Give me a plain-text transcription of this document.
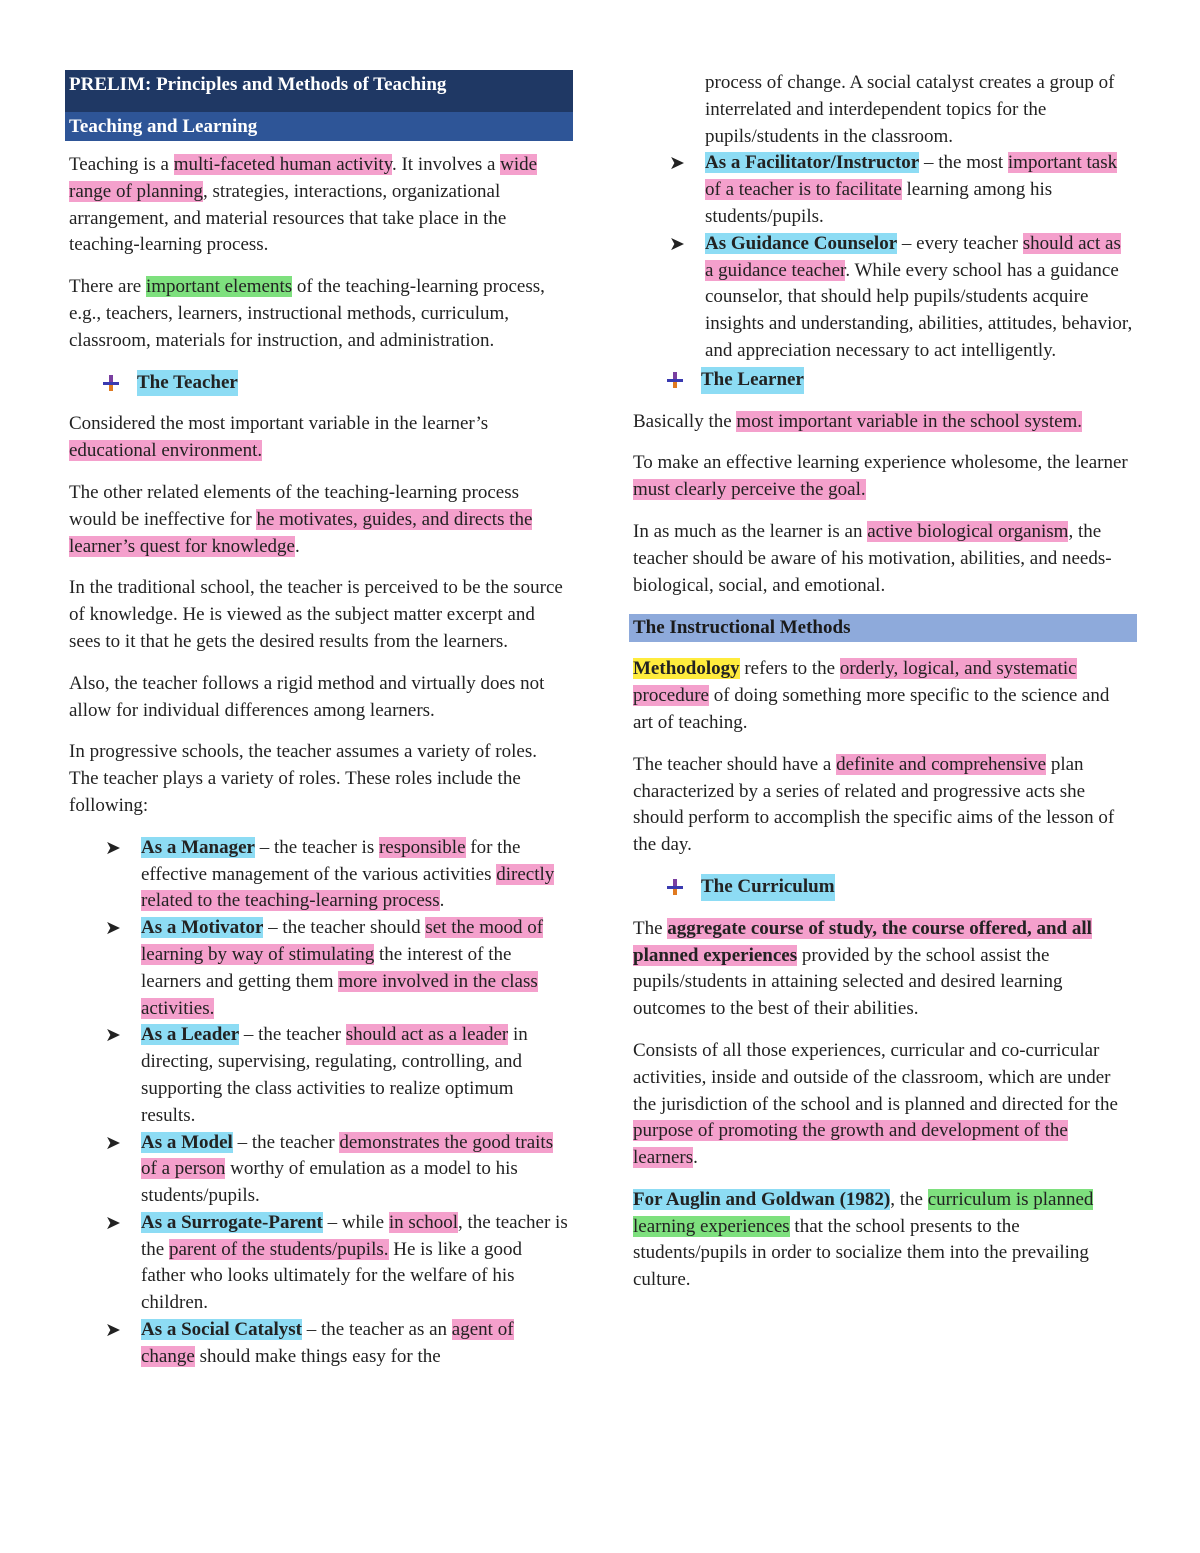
PRELIM: Principles and Methods of Teaching
Teaching and Learning

Teaching is a multi-faceted human activity. It involves a wide range of planning, strategies, interactions, organizational arrangement, and material resources that take place in the teaching-learning process.

There are important elements of the teaching-learning process, e.g., teachers, learners, instructional methods, curriculum, classroom, materials for instruction, and administration.

The Teacher

Considered the most important variable in the learner’s educational environment.

The other related elements of the teaching-learning process would be ineffective for he motivates, guides, and directs the learner’s quest for knowledge.

In the traditional school, the teacher is perceived to be the source of knowledge. He is viewed as the subject matter excerpt and sees to it that he gets the desired results from the learners.

Also, the teacher follows a rigid method and virtually does not allow for individual differences among learners.

In progressive schools, the teacher assumes a variety of roles. The teacher plays a variety of roles. These roles include the following:

➤ As a Manager – the teacher is responsible for the effective management of the various activities directly related to the teaching-learning process.
➤ As a Motivator – the teacher should set the mood of learning by way of stimulating the interest of the learners and getting them more involved in the class activities.
➤ As a Leader – the teacher should act as a leader in directing, supervising, regulating, controlling, and supporting the class activities to realize optimum results.
➤ As a Model – the teacher demonstrates the good traits of a person worthy of emulation as a model to his students/pupils.
➤ As a Surrogate-Parent – while in school, the teacher is the parent of the students/pupils. He is like a good father who looks ultimately for the welfare of his children.
➤ As a Social Catalyst – the teacher as an agent of change should make things easy for the
process of change. A social catalyst creates a group of interrelated and interdependent topics for the pupils/students in the classroom.
➤ As a Facilitator/Instructor – the most important task of a teacher is to facilitate learning among his students/pupils.
➤ As Guidance Counselor – every teacher should act as a guidance teacher. While every school has a guidance counselor, that should help pupils/students acquire insights and understanding, abilities, attitudes, behavior, and appreciation necessary to act intelligently.
The Learner

Basically the most important variable in the school system.

To make an effective learning experience wholesome, the learner must clearly perceive the goal.

In as much as the learner is an active biological organism, the teacher should be aware of his motivation, abilities, and needs-biological, social, and emotional.

The Instructional Methods

Methodology refers to the orderly, logical, and systematic procedure of doing something more specific to the science and art of teaching.

The teacher should have a definite and comprehensive plan characterized by a series of related and progressive acts she should perform to accomplish the specific aims of the lesson of the day.

The Curriculum

The aggregate course of study, the course offered, and all planned experiences provided by the school assist the pupils/students in attaining selected and desired learning outcomes to the best of their abilities.

Consists of all those experiences, curricular and co-curricular activities, inside and outside of the classroom, which are under the jurisdiction of the school and is planned and directed for the purpose of promoting the growth and development of the learners.

For Auglin and Goldwan (1982), the curriculum is planned learning experiences that the school presents to the students/pupils in order to socialize them into the prevailing culture.
